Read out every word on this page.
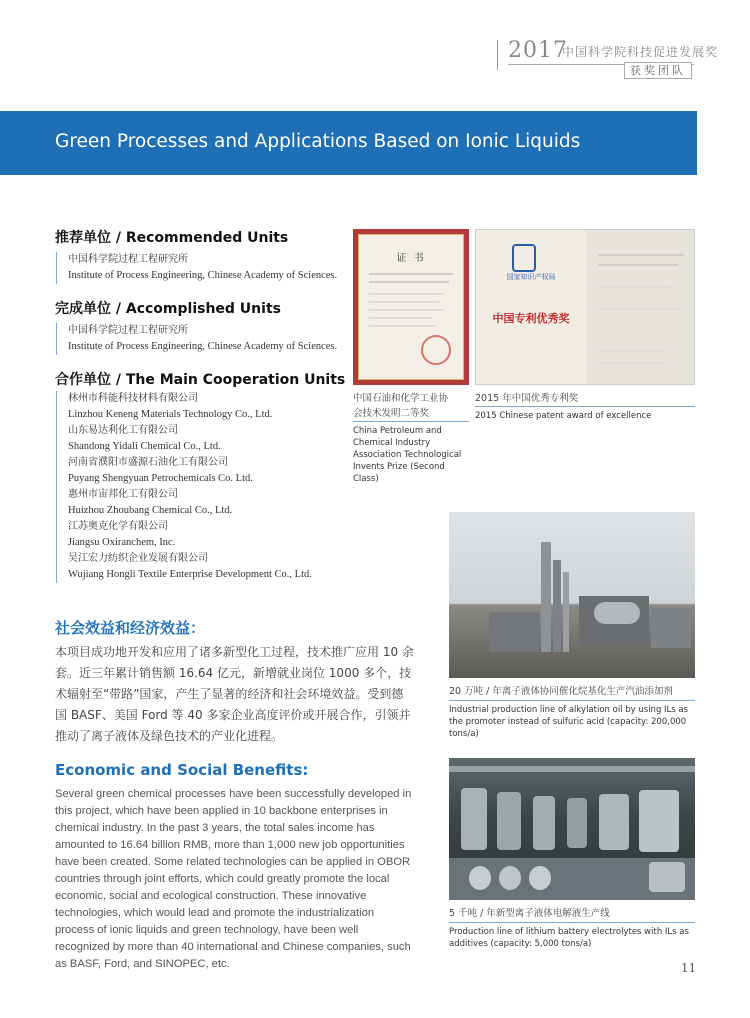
2017
中国科学院科技促进发展奖
获奖团队
Green Processes and Applications Based on Ionic Liquids
推荐单位 / Recommended Units
中国科学院过程工程研究所
Institute of Process Engineering, Chinese Academy of Sciences.
完成单位 / Accomplished Units
中国科学院过程工程研究所
Institute of Process Engineering, Chinese Academy of Sciences.
合作单位 / The Main Cooperation Units
林州市科能科技材料有限公司
Linzhou Keneng Materials Technology Co., Ltd.
山东易达利化工有限公司
Shandong Yidali Chemical Co., Ltd.
河南省濮阳市盛源石油化工有限公司
Puyang Shengyuan Petrochemicals Co. Ltd.
惠州市宙邦化工有限公司
Huizhou Zhoubang Chemical Co., Ltd.
江苏奥克化学有限公司
Jiangsu Oxiranchem, Inc.
吴江宏力纺织企业发展有限公司
Wujiang Hongli Textile Enterprise Development Co., Ltd.
社会效益和经济效益：
本项目成功地开发和应用了诸多新型化工过程，技术推广应用 10 余套。近三年累计销售额 16.64 亿元，新增就业岗位 1000 多个，技术辐射至“带路”国家，产生了显著的经济和社会环境效益。受到德国 BASF、美国 Ford 等 40 多家企业高度评价或开展合作，引领并推动了离子液体及绿色技术的产业化进程。
Economic and Social Benefits:
Several green chemical processes have been successfully developed in this project, which have been applied in 10 backbone enterprises in chemical industry. In the past 3 years, the total sales income has amounted to 16.64 billion RMB, more than 1,000 new job opportunities have been created. Some related technologies can be applied in OBOR countries through joint efforts, which could greatly promote the local economic, social and ecological construction. These innovative technologies, which would lead and promote the industrialization process of ionic liquids and green technology, have been well recognized by more than 40 international and Chinese companies, such as BASF, Ford, and SINOPEC, etc.
证 书
中国石油和化学工业协会技术发明二等奖
China Petroleum and Chemical Industry Association Technological Invents Prize (Second Class)
国家知识产权局
中国专利优秀奖
2015 年中国优秀专利奖
2015 Chinese patent award of excellence
20 万吨 / 年离子液体协同催化烷基化生产汽油添加剂
Industrial production line of alkylation oil by using ILs as the promoter instead of sulfuric acid (capacity: 200,000 tons/a)
5 千吨 / 年新型离子液体电解液生产线
Production line of lithium battery electrolytes with ILs as additives (capacity: 5,000 tons/a)
11
